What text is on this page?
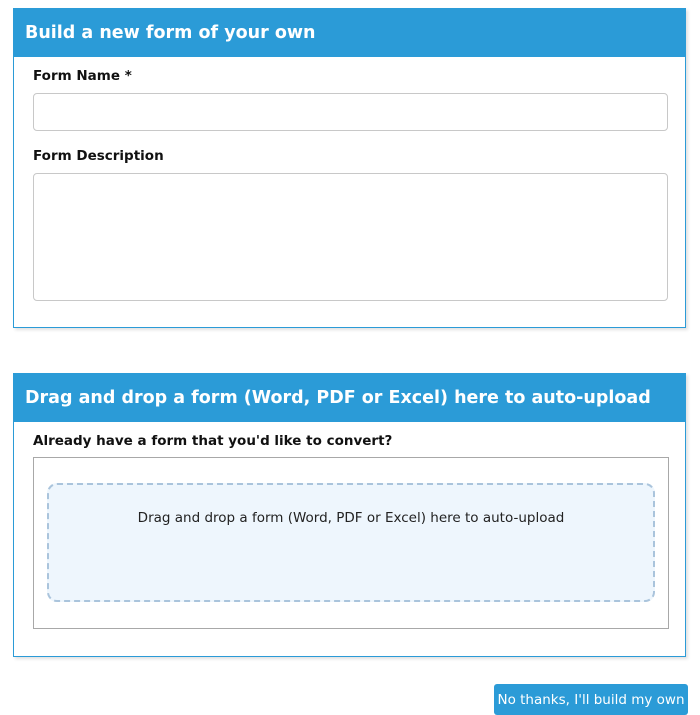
Build a new form of your own
Form Name *
Form Description
Drag and drop a form (Word, PDF or Excel) here to auto-upload
Already have a form that you'd like to convert?
Drag and drop a form (Word, PDF or Excel) here to auto-upload
No thanks, I'll build my own
